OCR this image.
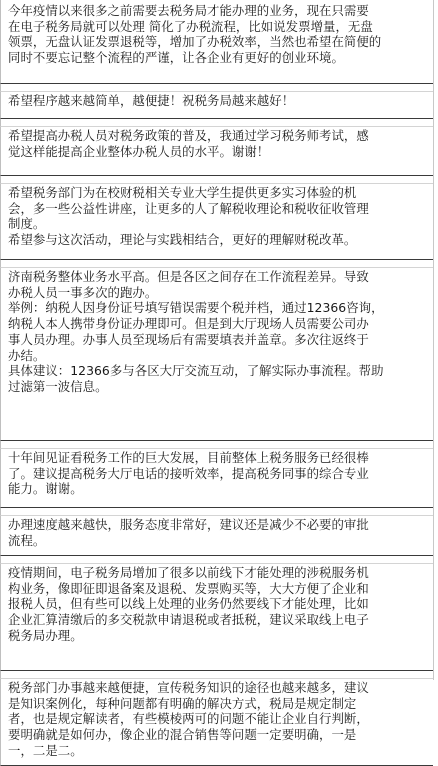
今年疫情以来很多之前需要去税务局才能办理的业务，现在只需要
在电子税务局就可以处理 简化了办税流程，比如说发票增量，无盘
领票，无盘认证发票退税等，增加了办税效率，当然也希望在简便的
同时不要忘记整个流程的严谨，让各企业有更好的创业环境。
希望程序越来越简单，越便捷！祝税务局越来越好！
希望提高办税人员对税务政策的普及，我通过学习税务师考试，感
觉这样能提高企业整体办税人员的水平。谢谢！
希望税务部门为在校财税相关专业大学生提供更多实习体验的机
会，多一些公益性讲座，让更多的人了解税收理论和税收征收管理
制度。
希望参与这次活动，理论与实践相结合，更好的理解财税改革。
济南税务整体业务水平高。但是各区之间存在工作流程差异。导致
办税人员一事多次的跑办。
举例：纳税人因身份证号填写错误需要个税并档，通过12366咨询，
纳税人本人携带身份证办理即可。但是到大厅现场人员需要公司办
事人员办理。办事人员至现场后有需要填表并盖章。多次往返终于
办结。
具体建议：12366多与各区大厅交流互动，了解实际办事流程。帮助
过滤第一波信息。
十年间见证看税务工作的巨大发展，目前整体上税务服务已经很棒
了。建议提高税务大厅电话的接听效率，提高税务同事的综合专业
能力。谢谢。
办理速度越来越快，服务态度非常好，建议还是减少不必要的审批
流程。
疫情期间，电子税务局增加了很多以前线下才能处理的涉税服务机
构业务，像即征即退备案及退税、发票购买等，大大方便了企业和
报税人员，但有些可以线上处理的业务仍然要线下才能处理，比如
企业汇算清缴后的多交税款申请退税或者抵税，建议采取线上电子
税务局办理。
税务部门办事越来越便捷，宣传税务知识的途径也越来越多，建议
是知识案例化，每种问题都有明确的解决方式，税局是规定制定
者，也是规定解读者，有些模棱两可的问题不能让企业自行判断，
要明确就是如何办，像企业的混合销售等问题一定要明确，一是
一，二是二。
